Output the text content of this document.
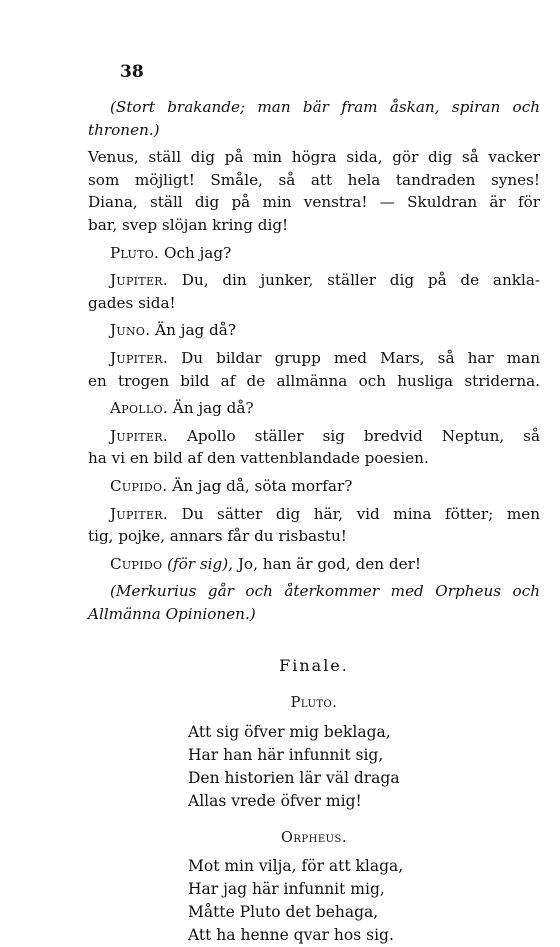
38
(Stort brakande; man bär fram åskan, spiran och
thronen.)
Venus, ställ dig på min högra sida, gör dig så vacker
som möjligt! Småle, så att hela tandraden synes!
Diana, ställ dig på min venstra! — Skuldran är för
bar, svep slöjan kring dig!
Pluto. Och jag?
Jupiter. Du, din junker, ställer dig på de ankla-
gades sida!
Juno. Än jag då?
Jupiter. Du bildar grupp med Mars, så har man
en trogen bild af de allmänna och husliga striderna.
Apollo. Än jag då?
Jupiter. Apollo ställer sig bredvid Neptun, så
ha vi en bild af den vattenblandade poesien.
Cupido. Än jag då, söta morfar?
Jupiter. Du sätter dig här, vid mina fötter; men
tig, pojke, annars får du risbastu!
Cupido (för sig), Jo, han är god, den der!
(Merkurius går och återkommer med Orpheus och
Allmänna Opinionen.)
Finale.
Pluto.
Att sig öfver mig beklaga,
Har han här infunnit sig,
Den historien lär väl draga
Allas vrede öfver mig!
Orpheus.
Mot min vilja, för att klaga,
Har jag här infunnit mig,
Måtte Pluto det behaga,
Att ha henne qvar hos sig.
